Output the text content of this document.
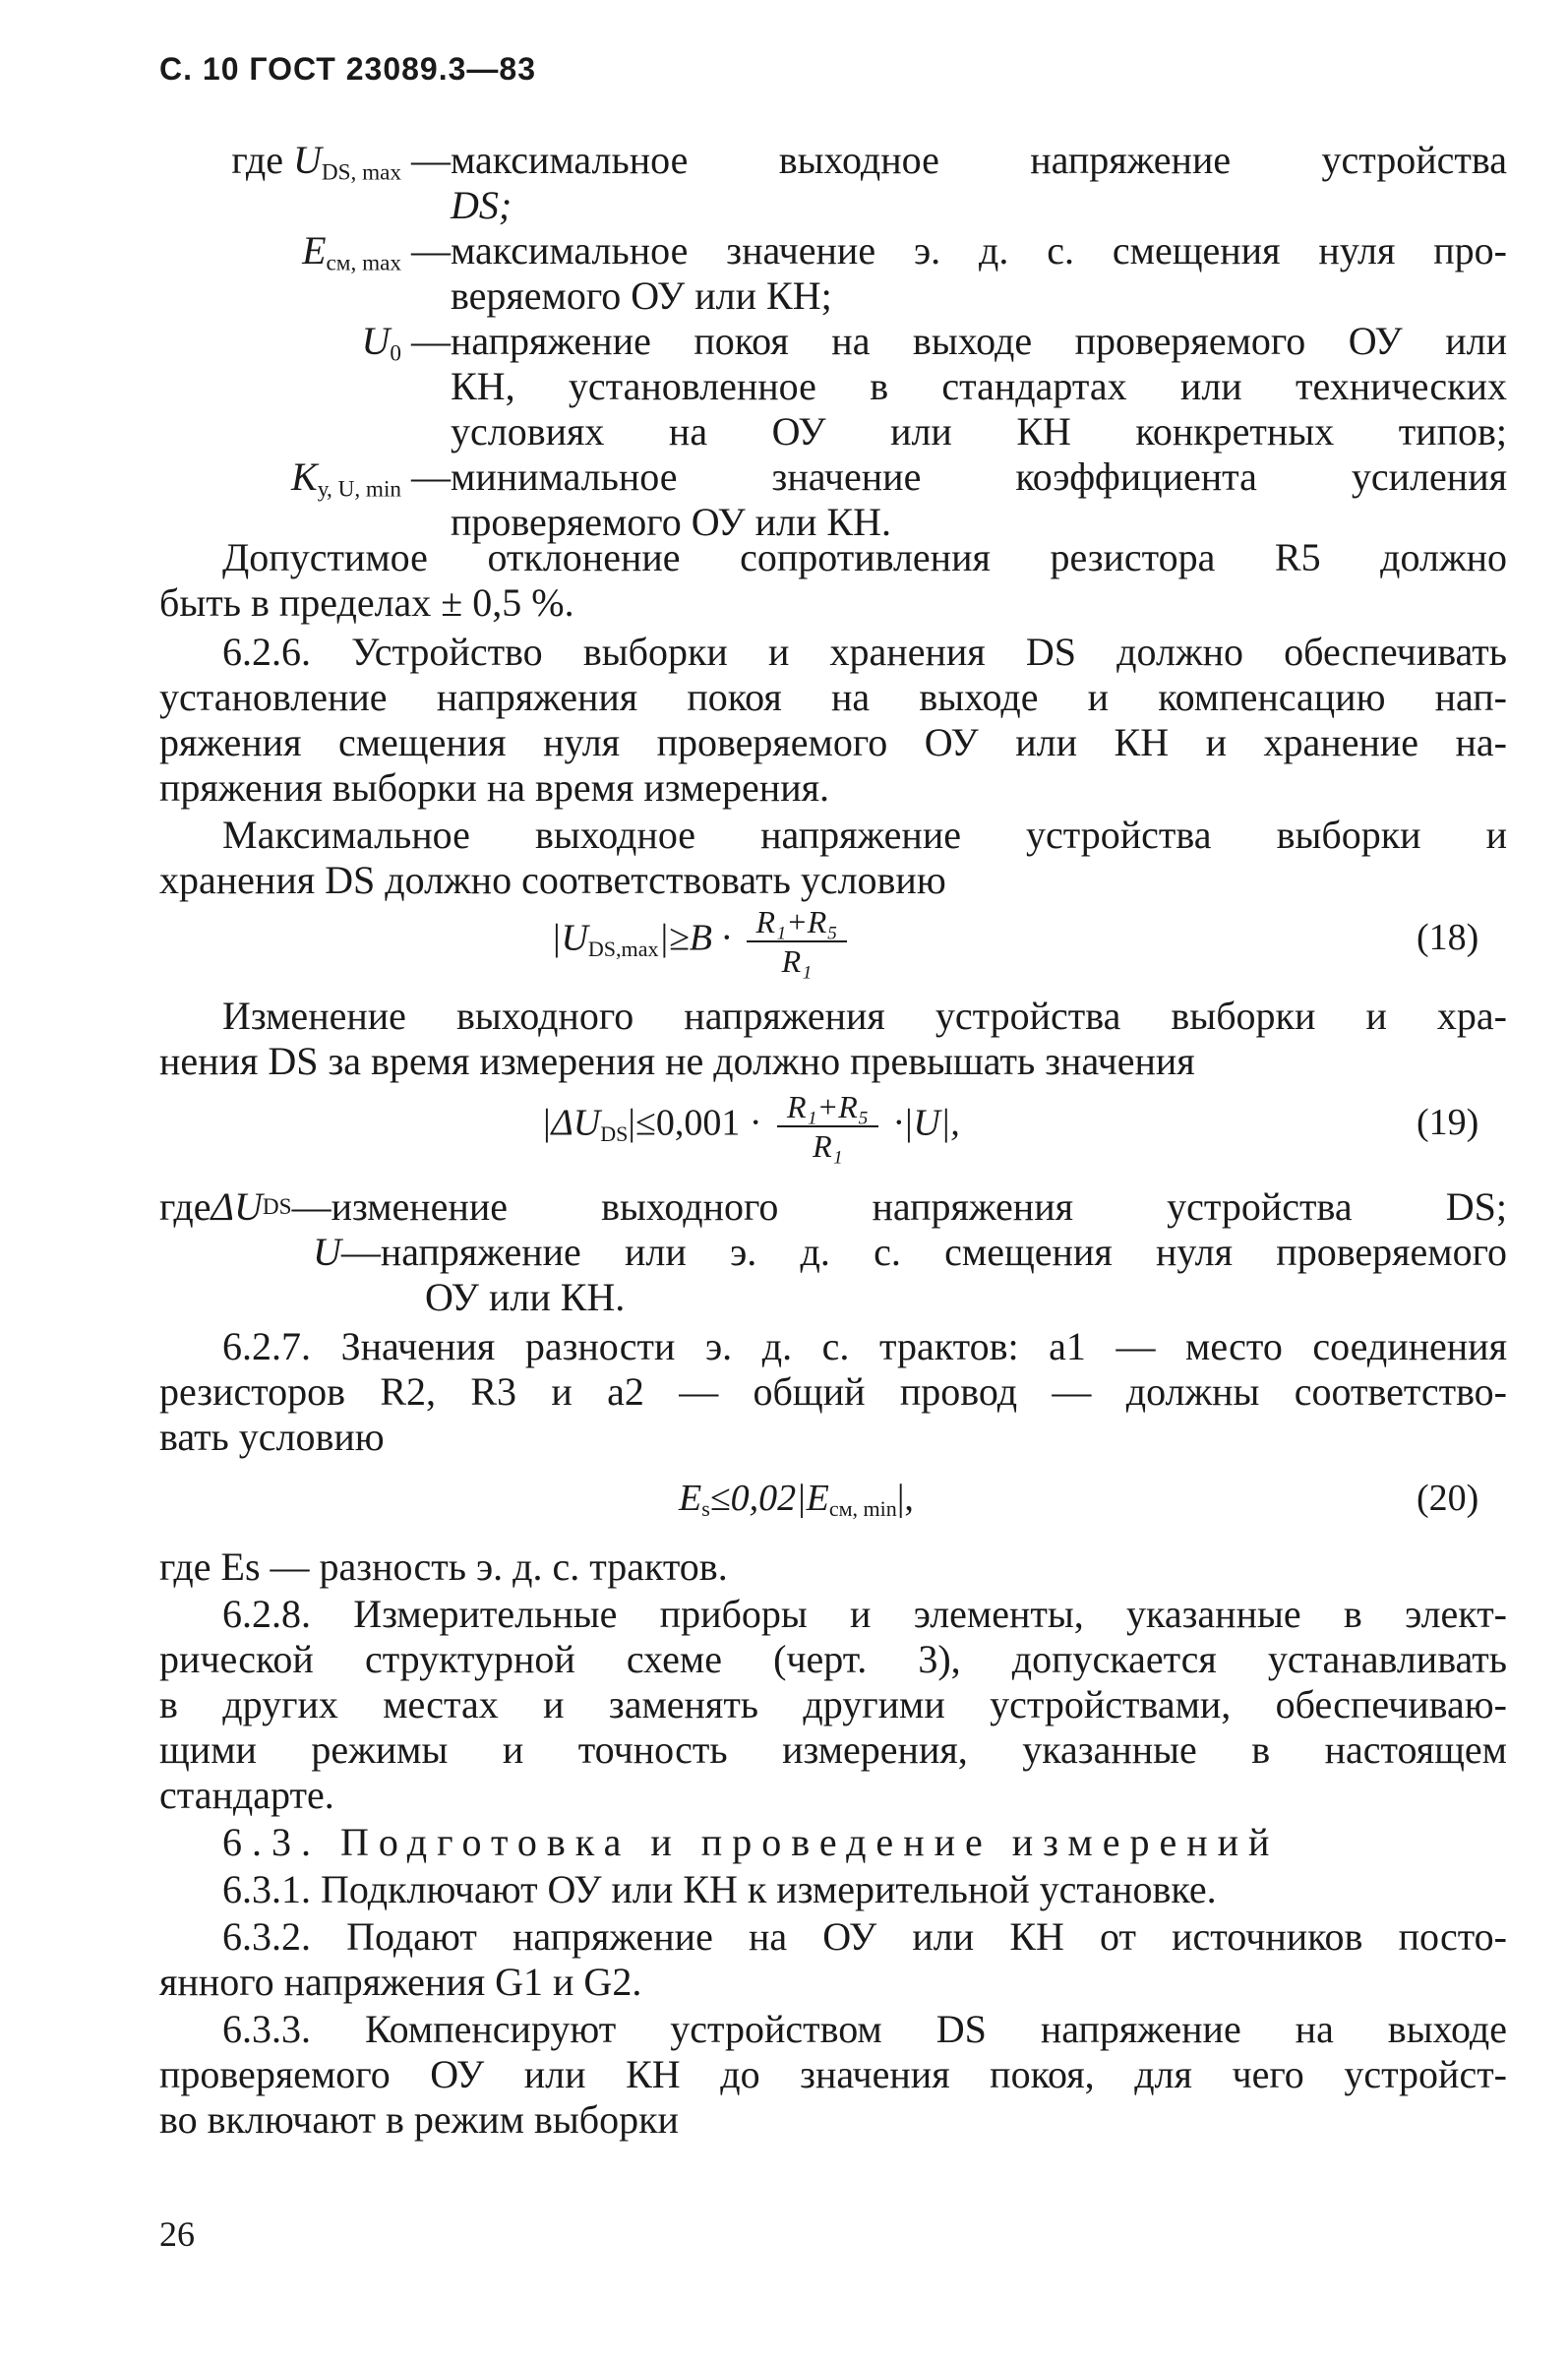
С. 10 ГОСТ 23089.3—83
где $U_{DS, max}$ — максимальное выходное напряжение устройства
DS;
$E_{см, max}$ — максимальное значение э. д. с. смещения нуля про-
веряемого ОУ или КН;
$U_0$ — напряжение покоя на выходе проверяемого ОУ или
КН, установленное в стандартах или технических
условиях на ОУ или КН конкретных типов;
$K_{у, U, min}$ — минимальное значение коэффициента усиления
проверяемого ОУ или КН.
Допустимое отклонение сопротивления резистора R5 должно
быть в пределах ± 0,5 %.
6.2.6. Устройство выборки и хранения DS должно обеспечивать
установление напряжения покоя на выходе и компенсацию нап-
ряжения смещения нуля проверяемого ОУ или КН и хранение на-
пряжения выборки на время измерения.
Максимальное выходное напряжение устройства выборки и
хранения DS должно соответствовать условию
$|U_{DS,max}|\ge B \cdot \frac{\text{R₁+R₅}}{\text{R₁}}$	(18)
Изменение выходного напряжения устройства выборки и хра-
нения DS за время измерения не должно превышать значения
$|\Delta U_{DS}|\le 0,001 \cdot \frac{\text{R₁+R₅}}{\text{R₁}} \cdot|U|$,	(19)
где ΔU DS — изменение выходного напряжения устройства DS;
U — напряжение или э. д. с. смещения нуля проверяемого
ОУ или КН.
6.2.7. Значения разности э. д. с. трактов: a1 — место соединения
резисторов R2, R3 и a2 — общий провод — должны соответство-
вать условию
$E_s\le 0,02|E_{см, min}|$,	(20)
где Es — разность э. д. с. трактов.
6.2.8. Измерительные приборы и элементы, указанные в элект-
рической структурной схеме (черт. 3), допускается устанавливать
в других местах и заменять другими устройствами, обеспечиваю-
щими режимы и точность измерения, указанные в настоящем
стандарте.
6.3. Подготовка и проведение измерений
6.3.1. Подключают ОУ или КН к измерительной установке.
6.3.2. Подают напряжение на ОУ или КН от источников посто-
янного напряжения G1 и G2.
6.3.3. Компенсируют устройством DS напряжение на выходе
проверяемого ОУ или КН до значения покоя, для чего устройст-
во включают в режим выборки
26
